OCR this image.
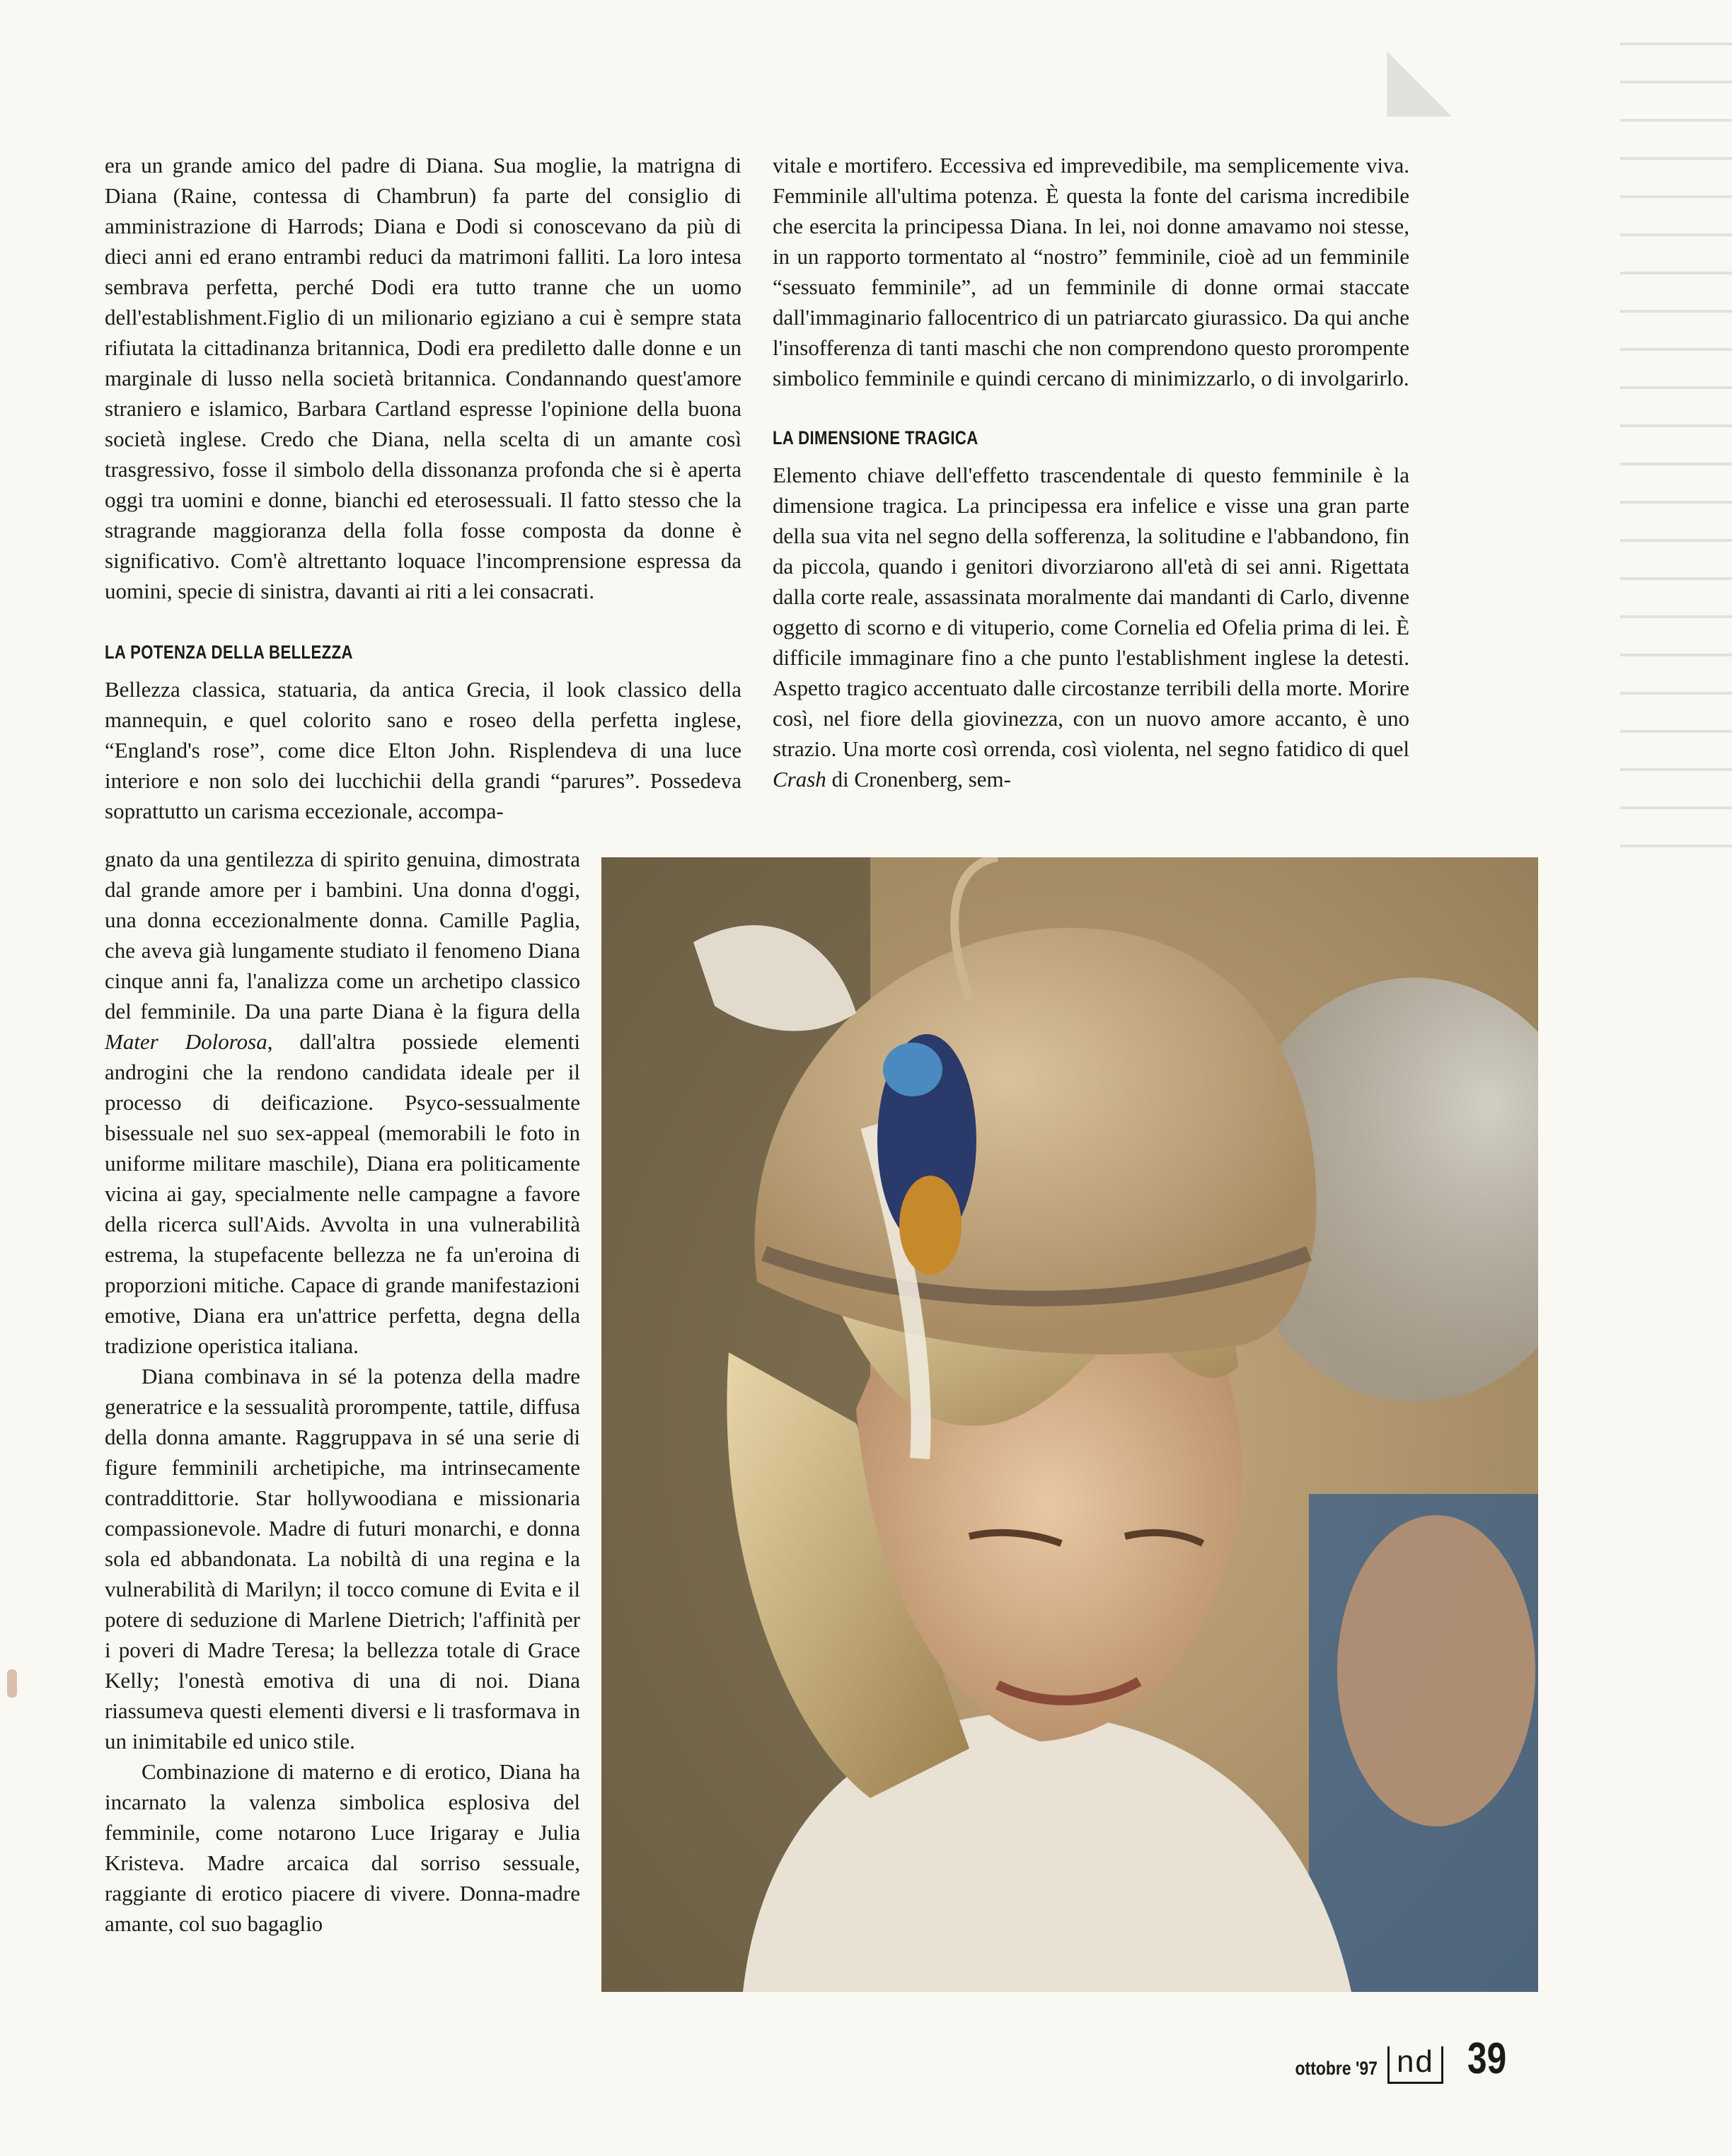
◣

era un grande amico del padre di Diana. Sua moglie, la matrigna di Diana (Raine, contessa di Chambrun) fa parte del consiglio di amministrazione di Harrods; Diana e Dodi si conoscevano da più di dieci anni ed erano entrambi reduci da matrimoni falliti. La loro intesa sembrava perfetta, perché Dodi era tutto tranne che un uomo dell'establishment.Figlio di un milionario egiziano a cui è sempre stata rifiutata la cittadinanza britannica, Dodi era prediletto dalle donne e un marginale di lusso nella società britannica. Condannando quest'amore straniero e islamico, Barbara Cartland espresse l'opinione della buona società inglese. Credo che Diana, nella scelta di un amante così trasgressivo, fosse il simbolo della dissonanza profonda che si è aperta oggi tra uomini e donne, bianchi ed eterosessuali. Il fatto stesso che la stragrande maggioranza della folla fosse composta da donne è significativo. Com'è altrettanto loquace l'incomprensione espressa da uomini, specie di sinistra, davanti ai riti a lei consacrati.

LA POTENZA DELLA BELLEZZA

Bellezza classica, statuaria, da antica Grecia, il look classico della mannequin, e quel colorito sano e roseo della perfetta inglese, “England's rose”, come dice Elton John. Risplendeva di una luce interiore e non solo dei lucchichii della grandi “parures”. Possedeva soprattutto un carisma eccezionale, accompa-

gnato da una gentilezza di spirito genuina, dimostrata dal grande amore per i bambini. Una donna d'oggi, una donna eccezionalmente donna. Camille Paglia, che aveva già lungamente studiato il fenomeno Diana cinque anni fa, l'analizza come un archetipo classico del femminile. Da una parte Diana è la figura della Mater Dolorosa, dall'altra possiede elementi androgini che la rendono candidata ideale per il processo di deificazione. Psyco-sessualmente bisessuale nel suo sex-appeal (memorabili le foto in uniforme militare maschile), Diana era politicamente vicina ai gay, specialmente nelle campagne a favore della ricerca sull'Aids. Avvolta in una vulnerabilità estrema, la stupefacente bellezza ne fa un'eroina di proporzioni mitiche. Capace di grande manifestazioni emotive, Diana era un'attrice perfetta, degna della tradizione operistica italiana.

Diana combinava in sé la potenza della madre generatrice e la sessualità prorompente, tattile, diffusa della donna amante. Raggruppava in sé una serie di figure femminili archetipiche, ma intrinsecamente contraddittorie. Star hollywoodiana e missionaria compassionevole. Madre di futuri monarchi, e donna sola ed abbandonata. La nobiltà di una regina e la vulnerabilità di Marilyn; il tocco comune di Evita e il potere di seduzione di Marlene Dietrich; l'affinità per i poveri di Madre Teresa; la bellezza totale di Grace Kelly; l'onestà emotiva di una di noi. Diana riassumeva questi elementi diversi e li trasformava in un inimitabile ed unico stile.

Combinazione di materno e di erotico, Diana ha incarnato la valenza simbolica esplosiva del femminile, come notarono Luce Irigaray e Julia Kristeva. Madre arcaica dal sorriso sessuale, raggiante di erotico piacere di vivere. Donna-madre amante, col suo bagaglio

vitale e mortifero. Eccessiva ed imprevedibile, ma semplicemente viva. Femminile all'ultima potenza. È questa la fonte del carisma incredibile che esercita la principessa Diana. In lei, noi donne amavamo noi stesse, in un rapporto tormentato al “nostro” femminile, cioè ad un femminile “sessuato femminile”, ad un femminile di donne ormai staccate dall'immaginario fallocentrico di un patriarcato giurassico. Da qui anche l'insofferenza di tanti maschi che non comprendono questo prorompente simbolico femminile e quindi cercano di minimizzarlo, o di involgarirlo.

LA DIMENSIONE TRAGICA

Elemento chiave dell'effetto trascendentale di questo femminile è la dimensione tragica. La principessa era infelice e visse una gran parte della sua vita nel segno della sofferenza, la solitudine e l'abbandono, fin da piccola, quando i genitori divorziarono all'età di sei anni. Rigettata dalla corte reale, assassinata moralmente dai mandanti di Carlo, divenne oggetto di scorno e di vituperio, come Cornelia ed Ofelia prima di lei. È difficile immaginare fino a che punto l'establishment inglese la detesti. Aspetto tragico accentuato dalle circostanze terribili della morte. Morire così, nel fiore della giovinezza, con un nuovo amore accanto, è uno strazio. Una morte così orrenda, così violenta, nel segno fatidico di quel Crash di Cronenberg, sem-

ottobre '97 nd 39
